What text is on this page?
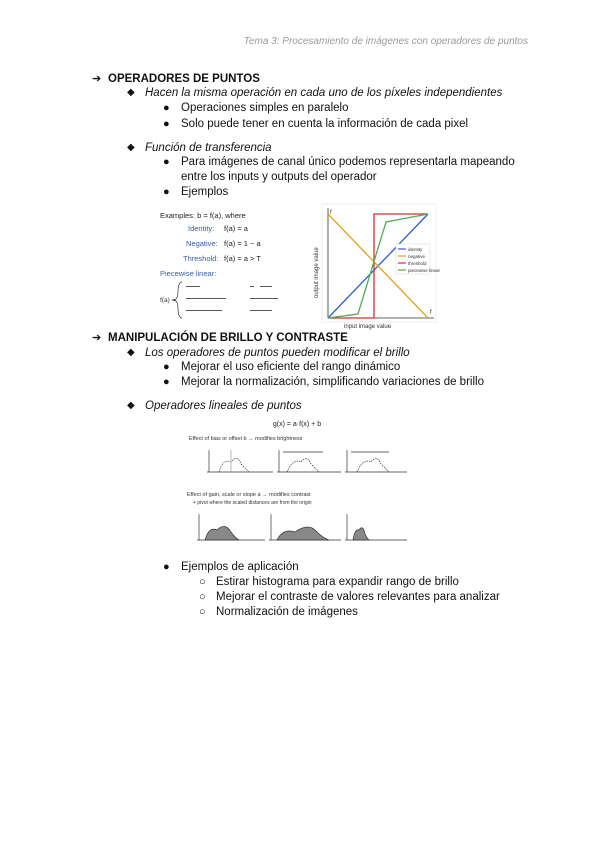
Tema 3: Procesamiento de imágenes con operadores de puntos
➔ OPERADORES DE PUNTOS
◆ Hacen la misma operación en cada uno de los píxeles independientes
● Operaciones simples en paralelo
● Solo puede tener en cuenta la información de cada pixel
◆ Función de transferencia
● Para imágenes de canal único podemos representarla mapeando
entre los inputs y outputs del operador
● Ejemplos
Examples: b = f(a), where
Identity: f(a) = a
Negative: f(a) = 1 − a
Threshold: f(a) = a > T
Piecewise linear:
f(a) =
f
f
identity
negative
threshold
piecewise linear
input image value
output image value
➔ MANIPULACIÓN DE BRILLO Y CONTRASTE
◆ Los operadores de puntos pueden modificar el brillo
● Mejorar el uso eficiente del rango dinámico
● Mejorar la normalización, simplificando variaciones de brillo
◆ Operadores lineales de puntos
g(x) = a·f(x) + b
Effect of bias or offset b → modifies brightness
Effect of gain, scale or slope a → modifies contrast
+ pivot where the scaled distances are from the origin
● Ejemplos de aplicación
○ Estirar histograma para expandir rango de brillo
○ Mejorar el contraste de valores relevantes para analizar
○ Normalización de imágenes
